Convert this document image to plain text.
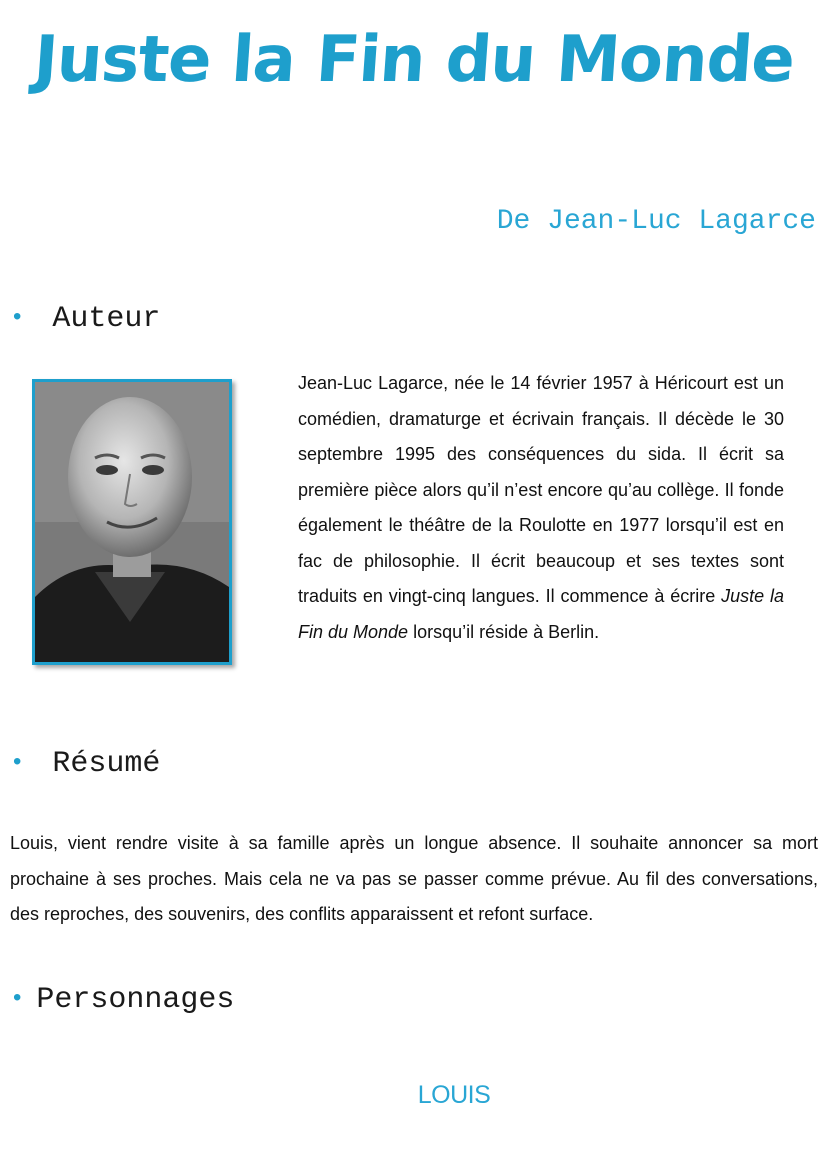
Juste la Fin du Monde
De Jean-Luc Lagarce
• Auteur
Jean-Luc Lagarce, née le 14 février 1957 à Héricourt est un comédien, dramaturge et écrivain français. Il décède le 30 septembre 1995 des conséquences du sida. Il écrit sa première pièce alors qu’il n’est encore qu’au collège. Il fonde également le théâtre de la Roulotte en 1977 lorsqu’il est en fac de philosophie. Il écrit beaucoup et ses textes sont traduits en vingt-cinq langues. Il commence à écrire Juste la Fin du Monde lorsqu’il réside à Berlin.
• Résumé
Louis, vient rendre visite à sa famille après un longue absence. Il souhaite annoncer sa mort prochaine à ses proches. Mais cela ne va pas se passer comme prévue. Au fil des conversations, des reproches, des souvenirs, des conflits apparaissent et refont surface.
• Personnages
LOUIS
